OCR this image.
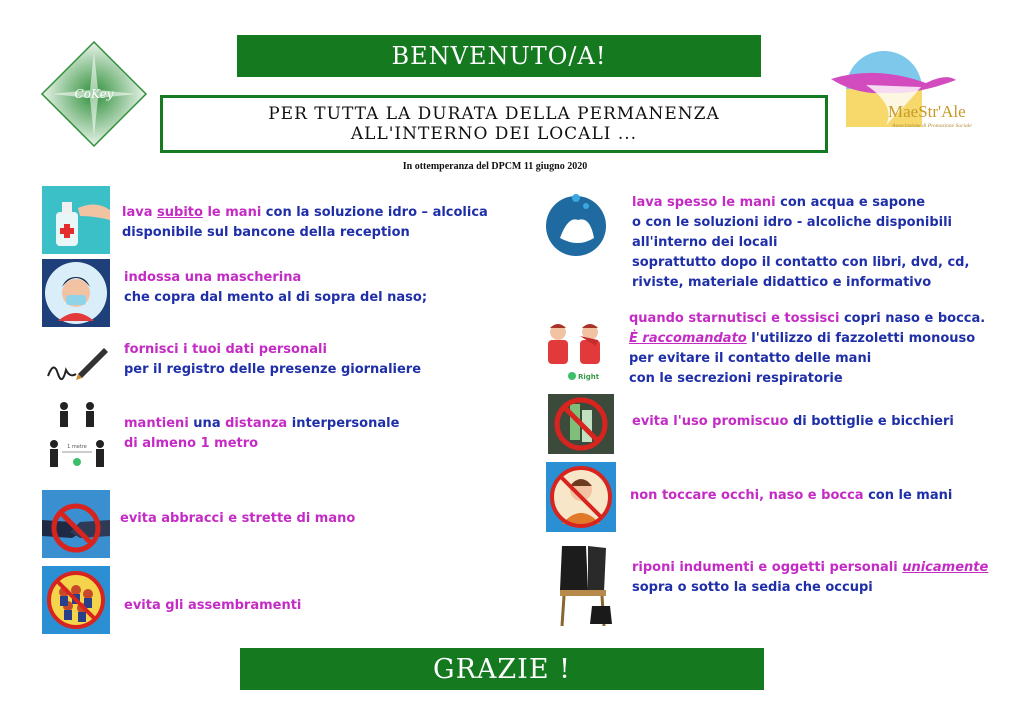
CoKey
MaeStr'Ale
Associazione di Promozione Sociale
BENVENUTO/A!
PER TUTTA LA DURATA DELLA PERMANENZA
ALL'INTERNO DEI LOCALI ...
In ottemperanza del DPCM 11 giugno 2020
lava subito le mani con la soluzione idro – alcolica
disponibile sul bancone della reception
indossa una mascherina
che copra dal mento al di sopra del naso;
fornisci i tuoi dati personali
per il registro delle presenze giornaliere
1 metre
mantieni una distanza interpersonale
di almeno 1 metro
evita abbracci e strette di mano
evita gli assembramenti
lava spesso le mani con acqua e sapone
o con le soluzioni idro - alcoliche disponibili
all'interno dei locali
soprattutto dopo il contatto con libri, dvd, cd,
riviste, materiale didattico e informativo
Right
quando starnutisci e tossisci copri naso e bocca.
È raccomandato l'utilizzo di fazzoletti monouso
per evitare il contatto delle mani
con le secrezioni respiratorie
evita l'uso promiscuo di bottiglie e bicchieri
non toccare occhi, naso e bocca con le mani
riponi indumenti e oggetti personali unicamente
sopra o sotto la sedia che occupi
GRAZIE !
